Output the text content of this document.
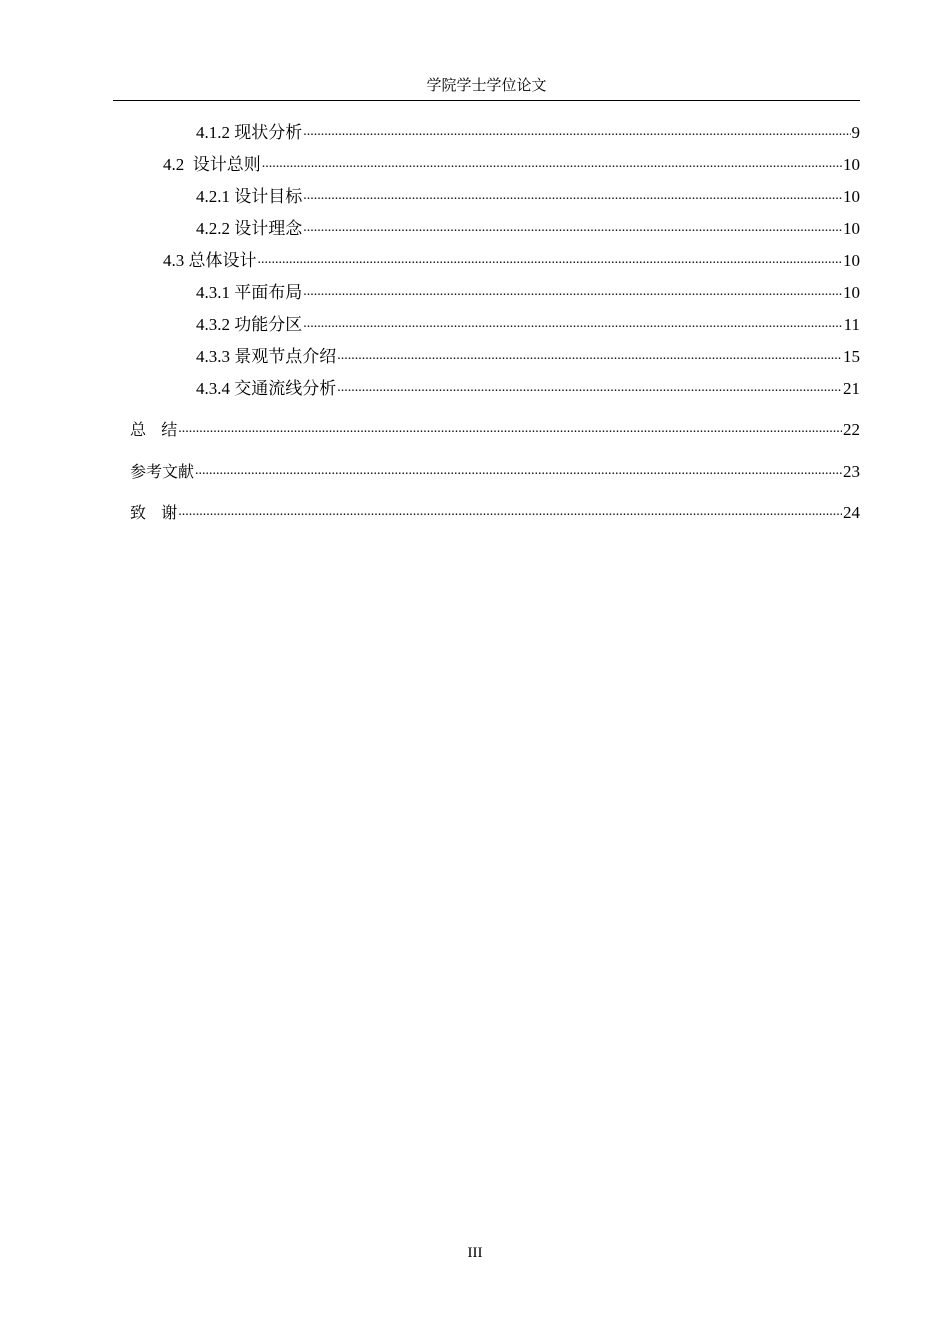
学院学士学位论文
4.1.2 现状分析 .....	9
4.2 设计总则 .....	10
4.2.1 设计目标 .....	10
4.2.2 设计理念 .....	10
4.3 总体设计 .....	10
4.3.1 平面布局 .....	10
4.3.2 功能分区 .....	11
4.3.3 景观节点介绍 .....	15
4.3.4 交通流线分析 .....	21
总   结 .....	22
参考文献 .....	23
致   谢 .....	24
III
